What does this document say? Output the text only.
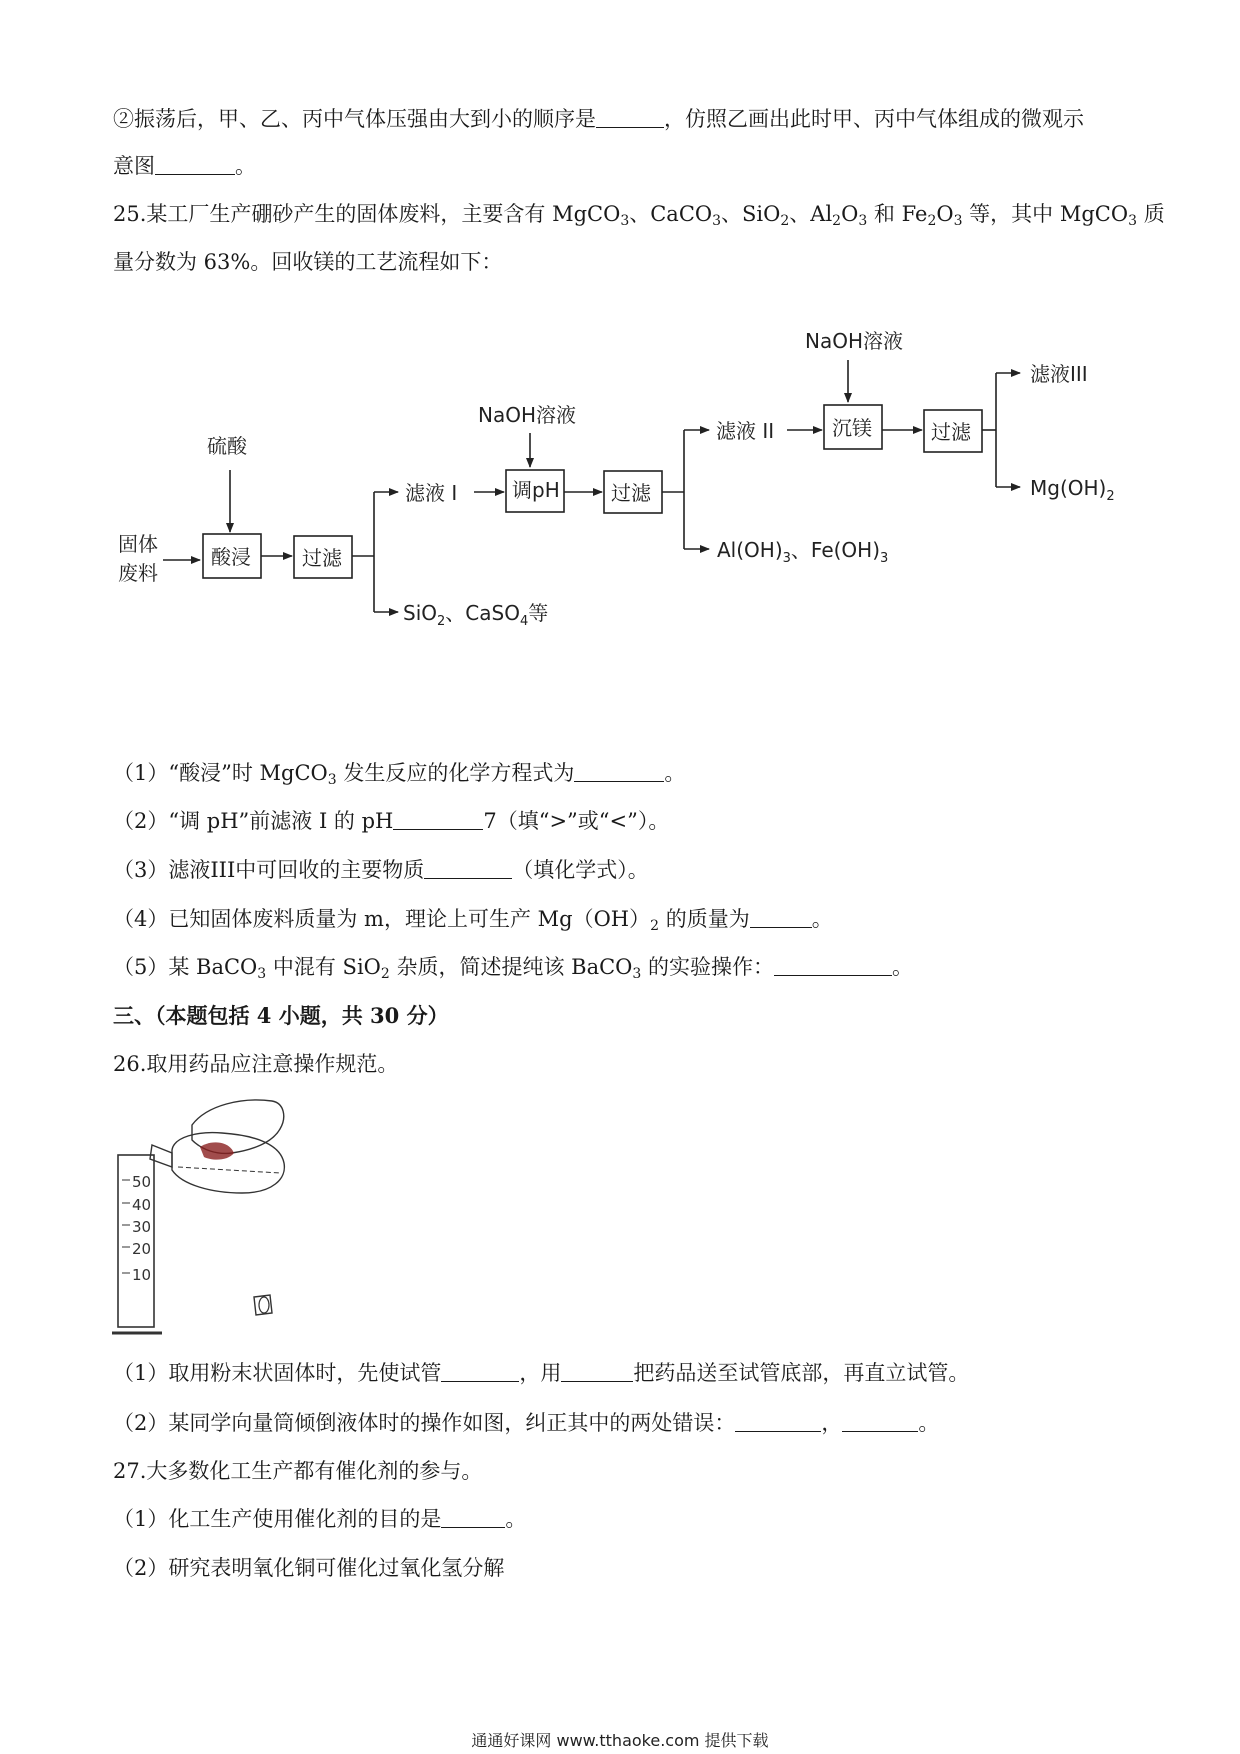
②振荡后，甲、乙、丙中气体压强由大到小的顺序是	，仿照乙画出此时甲、丙中气体组成的微观示
意图	。
25.某工厂生产硼砂产生的固体废料，主要含有 MgCO$_3$、CaCO$_3$、SiO$_2$、$Al_2O_3$ 和 $Fe_2O_3$ 等，其中 MgCO$_3$ 质
量分数为 63%。回收镁的工艺流程如下：
固体
废料
硫酸
酸浸	过滤
滤液 I
SiO$_2$、CaSO$_4$等
NaOH溶液
调pH	过滤
滤液 II
$Al(OH)_3$、$Fe(OH)_3$
NaOH溶液
沉镁	过滤
滤液III
$Mg(OH)_2$
（1）“酸浸”时 MgCO$_3$ 发生反应的化学方程式为	。
（2）“调 pH”前滤液 I 的 pH	7（填“>”或“<”）。
（3）滤液III中可回收的主要物质	（填化学式）。
（4）已知固体废料质量为 m，理论上可生产 $Mg(OH)_2$ 的质量为	。
（5）某 BaCO$_3$ 中混有 SiO$_2$ 杂质，简述提纯该 BaCO$_3$ 的实验操作：	。
三、（本题包括 4 小题，共 30 分）
26.取用药品应注意操作规范。
50
40
30
20
10
（1）取用粉末状固体时，先使试管	，用	把药品送至试管底部，再直立试管。
（2）某同学向量筒倾倒液体时的操作如图，纠正其中的两处错误：	，	。
27.大多数化工生产都有催化剂的参与。
（1）化工生产使用催化剂的目的是	。
（2）研究表明氧化铜可催化过氧化氢分解
通通好课网 www.tthaoke.com 提供下载
